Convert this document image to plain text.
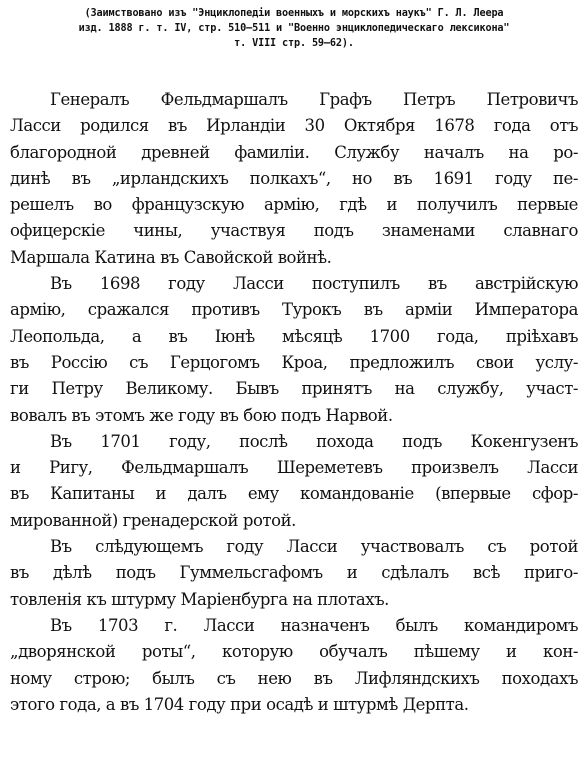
(Заимствовано изъ "Энциклопедіи военныхъ и морскихъ наукъ" Г. Л. Леера
изд. 1888 г. т. IV, стр. 510—511 и "Военно энциклопедическаго лексикона"
т. VIII стр. 59—62).

Генералъ Фельдмаршалъ Графъ Петръ Петровичъ
Ласси родился въ Ирландіи 30 Октября 1678 года отъ
благородной древней фамиліи. Службу началъ на ро-
динѣ въ „ирландскихъ полкахъ“, но въ 1691 году пе-
решелъ во французскую армію, гдѣ и получилъ первые
офицерскіе чины, участвуя подъ знаменами славнаго
Маршала Катина въ Савойской войнѣ.

Въ 1698 году Ласси поступилъ въ австрійскую
армію, сражался противъ Турокъ въ арміи Императора
Леопольда, а въ Іюнѣ мѣсяцѣ 1700 года, пріѣхавъ
въ Россію съ Герцогомъ Кроа, предложилъ свои услу-
ги Петру Великому. Бывъ принятъ на службу, участ-
вовалъ въ этомъ же году въ бою подъ Нарвой.

Въ 1701 году, послѣ похода подъ Кокенгузенъ
и Ригу, Фельдмаршалъ Шереметевъ произвелъ Ласси
въ Капитаны и далъ ему командованіе (впервые сфор-
мированной) гренадерской ротой.

Въ слѣдующемъ году Ласси участвовалъ съ ротой
въ дѣлѣ подъ Гуммельсгафомъ и сдѣлалъ всѣ приго-
товленія къ штурму Маріенбурга на плотахъ.

Въ 1703 г. Ласси назначенъ былъ командиромъ
„дворянской роты“, которую обучалъ пѣшему и кон-
ному строю; былъ съ нею въ Лифляндскихъ походахъ
этого года, а въ 1704 году при осадѣ и штурмѣ Дерпта.
